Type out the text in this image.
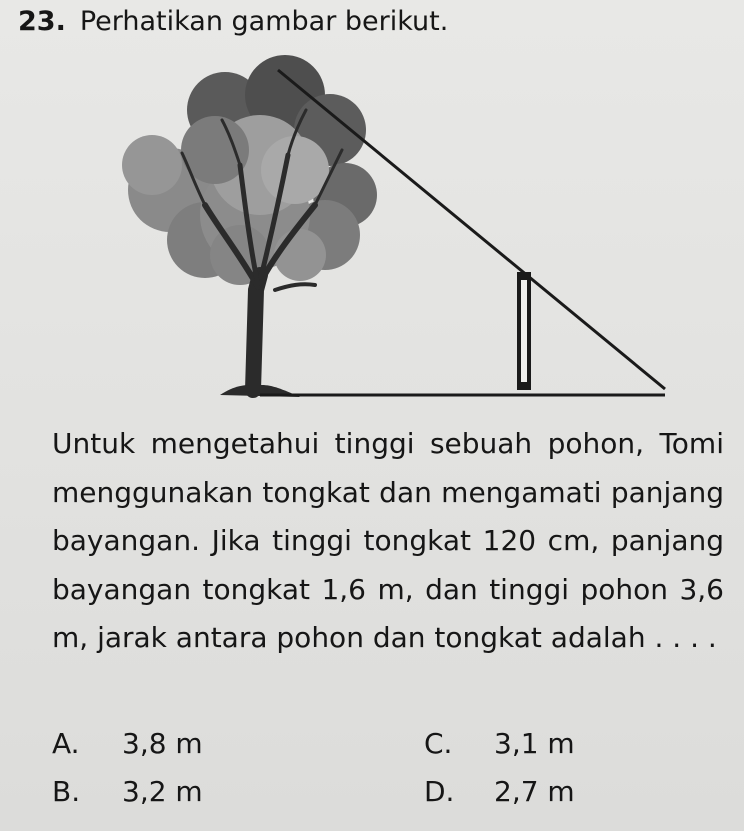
23. Perhatikan gambar berikut.
Untuk mengetahui tinggi sebuah pohon, Tomi menggunakan tongkat dan mengamati panjang bayangan. Jika tinggi tongkat 120 cm, panjang bayangan tongkat 1,6 m, dan tinggi pohon 3,6 m, jarak antara pohon dan tongkat adalah . . . .
A. 3,8 m
B. 3,2 m
C. 3,1 m
D. 2,7 m
